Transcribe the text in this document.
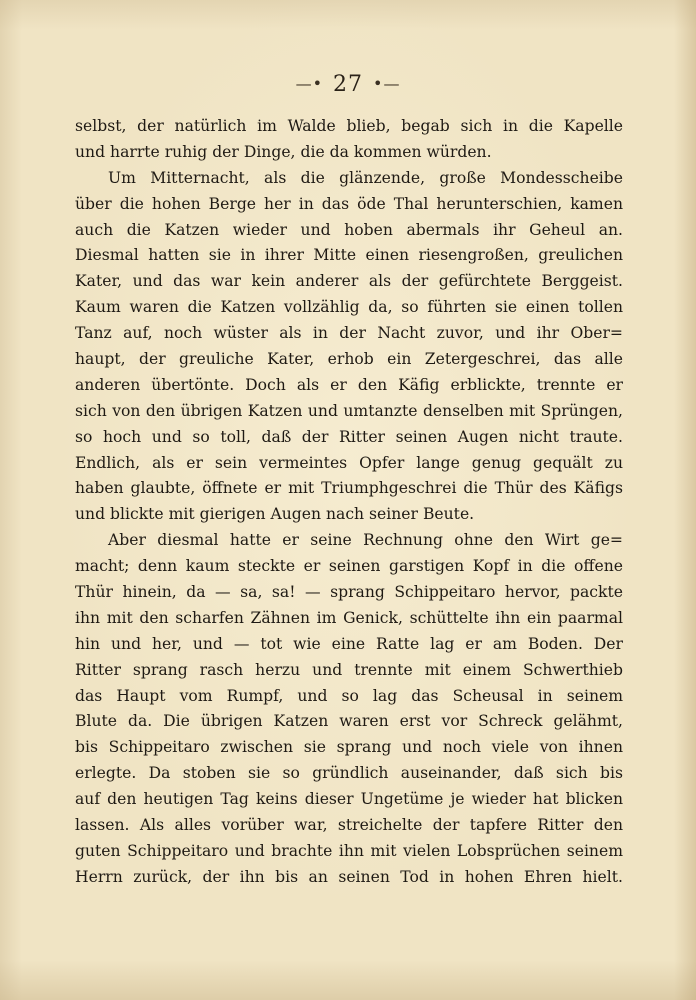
—• 27 •—
selbst, der natürlich im Walde blieb, begab sich in die Kapelle
und harrte ruhig der Dinge, die da kommen würden.
Um Mitternacht, als die glänzende, große Mondesscheibe
über die hohen Berge her in das öde Thal herunterschien, kamen
auch die Katzen wieder und hoben abermals ihr Geheul an.
Diesmal hatten sie in ihrer Mitte einen riesengroßen, greulichen
Kater, und das war kein anderer als der gefürchtete Berggeist.
Kaum waren die Katzen vollzählig da, so führten sie einen tollen
Tanz auf, noch wüster als in der Nacht zuvor, und ihr Ober=
haupt, der greuliche Kater, erhob ein Zetergeschrei, das alle
anderen übertönte. Doch als er den Käfig erblickte, trennte er
sich von den übrigen Katzen und umtanzte denselben mit Sprüngen,
so hoch und so toll, daß der Ritter seinen Augen nicht traute.
Endlich, als er sein vermeintes Opfer lange genug gequält zu
haben glaubte, öffnete er mit Triumphgeschrei die Thür des Käfigs
und blickte mit gierigen Augen nach seiner Beute.
Aber diesmal hatte er seine Rechnung ohne den Wirt ge=
macht; denn kaum steckte er seinen garstigen Kopf in die offene
Thür hinein, da — sa, sa! — sprang Schippeitaro hervor, packte
ihn mit den scharfen Zähnen im Genick, schüttelte ihn ein paarmal
hin und her, und — tot wie eine Ratte lag er am Boden. Der
Ritter sprang rasch herzu und trennte mit einem Schwerthieb
das Haupt vom Rumpf, und so lag das Scheusal in seinem
Blute da. Die übrigen Katzen waren erst vor Schreck gelähmt,
bis Schippeitaro zwischen sie sprang und noch viele von ihnen
erlegte. Da stoben sie so gründlich auseinander, daß sich bis
auf den heutigen Tag keins dieser Ungetüme je wieder hat blicken
lassen. Als alles vorüber war, streichelte der tapfere Ritter den
guten Schippeitaro und brachte ihn mit vielen Lobsprüchen seinem
Herrn zurück, der ihn bis an seinen Tod in hohen Ehren hielt.
